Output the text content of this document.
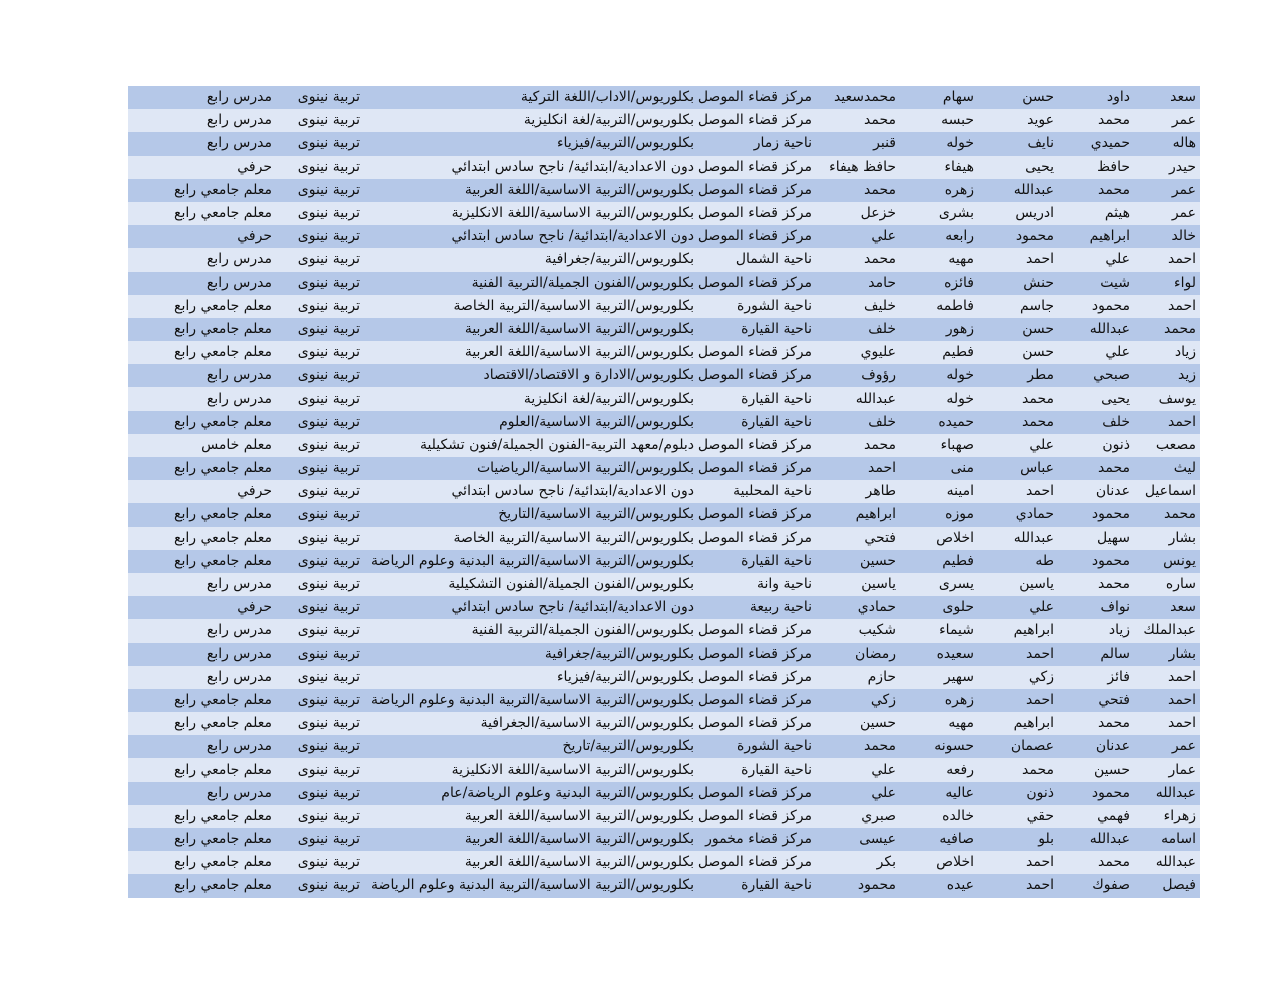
سعد	داود	حسن	سهام	محمدسعيد	مركز قضاء الموصل	بكلوريوس/الاداب/اللغة التركية	تربية نينوى	مدرس رابع
عمر	محمد	عويد	حبسه	محمد	مركز قضاء الموصل	بكلوريوس/التربية/لغة انكليزية	تربية نينوى	مدرس رابع
هاله	حميدي	نايف	خوله	قنبر	ناحية زمار	بكلوريوس/التربية/فيزياء	تربية نينوى	مدرس رابع
حيدر	حافظ	يحيى	هيفاء	حافظ هيفاء	مركز قضاء الموصل	دون الاعدادية/ابتدائية/ ناجح سادس ابتدائي	تربية نينوى	حرفي
عمر	محمد	عبدالله	زهره	محمد	مركز قضاء الموصل	بكلوريوس/التربية الاساسية/اللغة العربية	تربية نينوى	معلم جامعي رابع
عمر	هيثم	ادريس	بشرى	خزعل	مركز قضاء الموصل	بكلوريوس/التربية الاساسية/اللغة الانكليزية	تربية نينوى	معلم جامعي رابع
خالد	ابراهيم	محمود	رابعه	علي	مركز قضاء الموصل	دون الاعدادية/ابتدائية/ ناجح سادس ابتدائي	تربية نينوى	حرفي
احمد	علي	احمد	مهيه	محمد	ناحية الشمال	بكلوريوس/التربية/جغرافية	تربية نينوى	مدرس رابع
لواء	شيت	حنش	فائزه	حامد	مركز قضاء الموصل	بكلوريوس/الفنون الجميلة/التربية الفنية	تربية نينوى	مدرس رابع
احمد	محمود	جاسم	فاطمه	خليف	ناحية الشورة	بكلوريوس/التربية الاساسية/التربية الخاصة	تربية نينوى	معلم جامعي رابع
محمد	عبدالله	حسن	زهور	خلف	ناحية القيارة	بكلوريوس/التربية الاساسية/اللغة العربية	تربية نينوى	معلم جامعي رابع
زياد	علي	حسن	فطيم	عليوي	مركز قضاء الموصل	بكلوريوس/التربية الاساسية/اللغة العربية	تربية نينوى	معلم جامعي رابع
زيد	صبحي	مطر	خوله	رؤوف	مركز قضاء الموصل	بكلوريوس/الادارة و الاقتصاد/الاقتصاد	تربية نينوى	مدرس رابع
يوسف	يحيى	محمد	خوله	عبدالله	ناحية القيارة	بكلوريوس/التربية/لغة انكليزية	تربية نينوى	مدرس رابع
احمد	خلف	محمد	حميده	خلف	ناحية القيارة	بكلوريوس/التربية الاساسية/العلوم	تربية نينوى	معلم جامعي رابع
مصعب	ذنون	علي	صهباء	محمد	مركز قضاء الموصل	دبلوم/معهد التربية-الفنون الجميلة/فنون تشكيلية	تربية نينوى	معلم خامس
ليث	محمد	عباس	منى	احمد	مركز قضاء الموصل	بكلوريوس/التربية الاساسية/الرياضيات	تربية نينوى	معلم جامعي رابع
اسماعيل	عدنان	احمد	امينه	طاهر	ناحية المحلبية	دون الاعدادية/ابتدائية/ ناجح سادس ابتدائي	تربية نينوى	حرفي
محمد	محمود	حمادي	موزه	ابراهيم	مركز قضاء الموصل	بكلوريوس/التربية الاساسية/التاريخ	تربية نينوى	معلم جامعي رابع
بشار	سهيل	عبدالله	اخلاص	فتحي	مركز قضاء الموصل	بكلوريوس/التربية الاساسية/التربية الخاصة	تربية نينوى	معلم جامعي رابع
يونس	محمود	طه	فطيم	حسين	ناحية القيارة	بكلوريوس/التربية الاساسية/التربية البدنية وعلوم الرياضة	تربية نينوى	معلم جامعي رابع
ساره	محمد	ياسين	يسرى	ياسين	ناحية وانة	بكلوريوس/الفنون الجميلة/الفنون التشكيلية	تربية نينوى	مدرس رابع
سعد	نواف	علي	حلوى	حمادي	ناحية ربيعة	دون الاعدادية/ابتدائية/ ناجح سادس ابتدائي	تربية نينوى	حرفي
عبدالملك	زياد	ابراهيم	شيماء	شكيب	مركز قضاء الموصل	بكلوريوس/الفنون الجميلة/التربية الفنية	تربية نينوى	مدرس رابع
بشار	سالم	احمد	سعيده	رمضان	مركز قضاء الموصل	بكلوريوس/التربية/جغرافية	تربية نينوى	مدرس رابع
احمد	فائز	زكي	سهير	حازم	مركز قضاء الموصل	بكلوريوس/التربية/فيزياء	تربية نينوى	مدرس رابع
احمد	فتحي	احمد	زهره	زكي	مركز قضاء الموصل	بكلوريوس/التربية الاساسية/التربية البدنية وعلوم الرياضة	تربية نينوى	معلم جامعي رابع
احمد	محمد	ابراهيم	مهيه	حسين	مركز قضاء الموصل	بكلوريوس/التربية الاساسية/الجغرافية	تربية نينوى	معلم جامعي رابع
عمر	عدنان	عصمان	حسونه	محمد	ناحية الشورة	بكلوريوس/التربية/تاريخ	تربية نينوى	مدرس رابع
عمار	حسين	محمد	رفعه	علي	ناحية القيارة	بكلوريوس/التربية الاساسية/اللغة الانكليزية	تربية نينوى	معلم جامعي رابع
عبدالله	محمود	ذنون	عاليه	علي	مركز قضاء الموصل	بكلوريوس/التربية البدنية وعلوم الرياضة/عام	تربية نينوى	مدرس رابع
زهراء	فهمي	حقي	خالده	صبري	مركز قضاء الموصل	بكلوريوس/التربية الاساسية/اللغة العربية	تربية نينوى	معلم جامعي رابع
اسامه	عبدالله	بلو	صافيه	عيسى	مركز قضاء مخمور	بكلوريوس/التربية الاساسية/اللغة العربية	تربية نينوى	معلم جامعي رابع
عبدالله	محمد	احمد	اخلاص	بكر	مركز قضاء الموصل	بكلوريوس/التربية الاساسية/اللغة العربية	تربية نينوى	معلم جامعي رابع
فيصل	صفوك	احمد	عيده	محمود	ناحية القيارة	بكلوريوس/التربية الاساسية/التربية البدنية وعلوم الرياضة	تربية نينوى	معلم جامعي رابع
